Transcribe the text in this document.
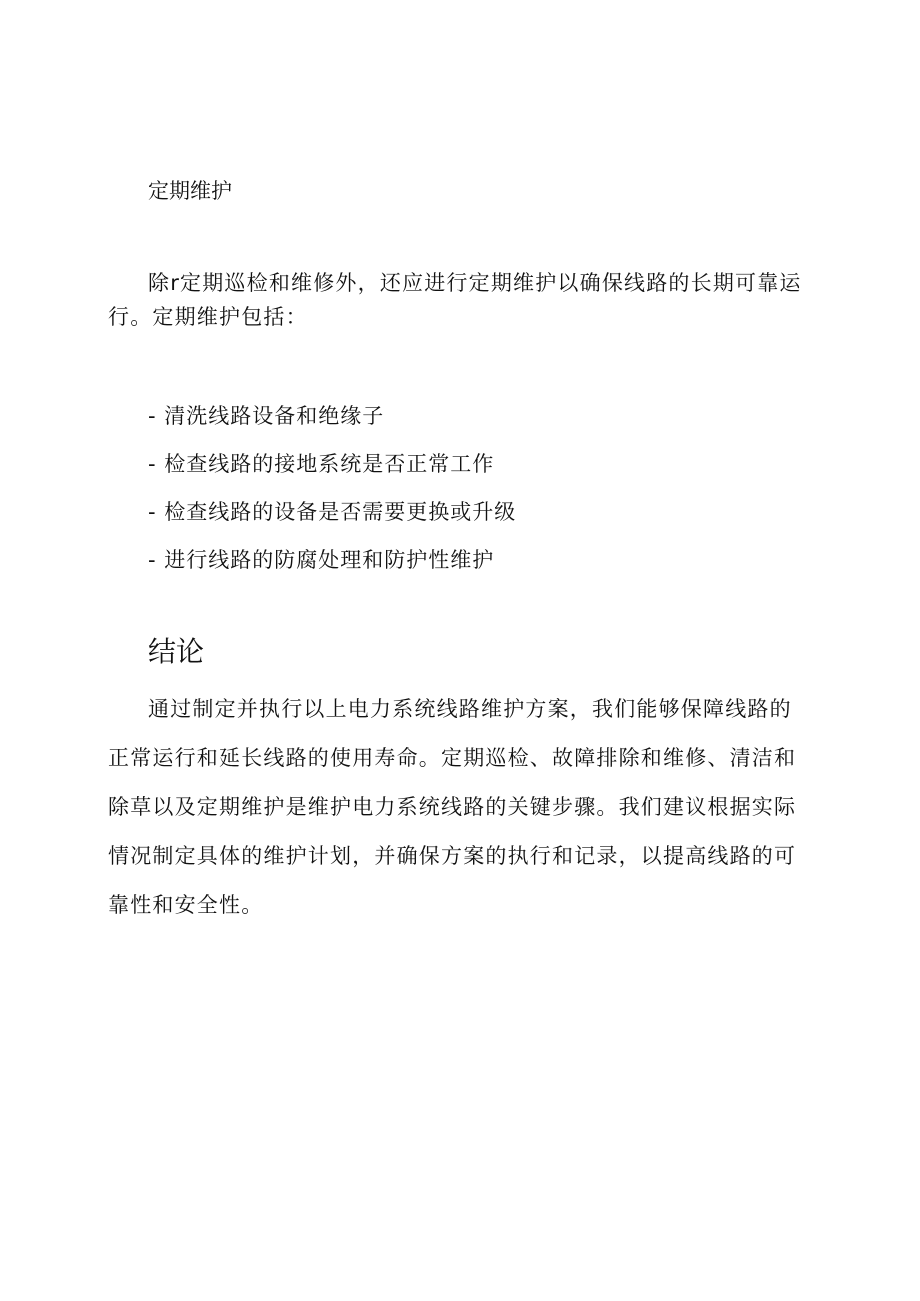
定期维护

除r定期巡检和维修外，还应进行定期维护以确保线路的长期可靠运行。定期维护包括：

- 清洗线路设备和绝缘子
- 检查线路的接地系统是否正常工作
- 检查线路的设备是否需要更换或升级
- 进行线路的防腐处理和防护性维护
结论

通过制定并执行以上电力系统线路维护方案，我们能够保障线路的正常运行和延长线路的使用寿命。定期巡检、故障排除和维修、清洁和除草以及定期维护是维护电力系统线路的关键步骤。我们建议根据实际情况制定具体的维护计划，并确保方案的执行和记录，以提高线路的可靠性和安全性。
